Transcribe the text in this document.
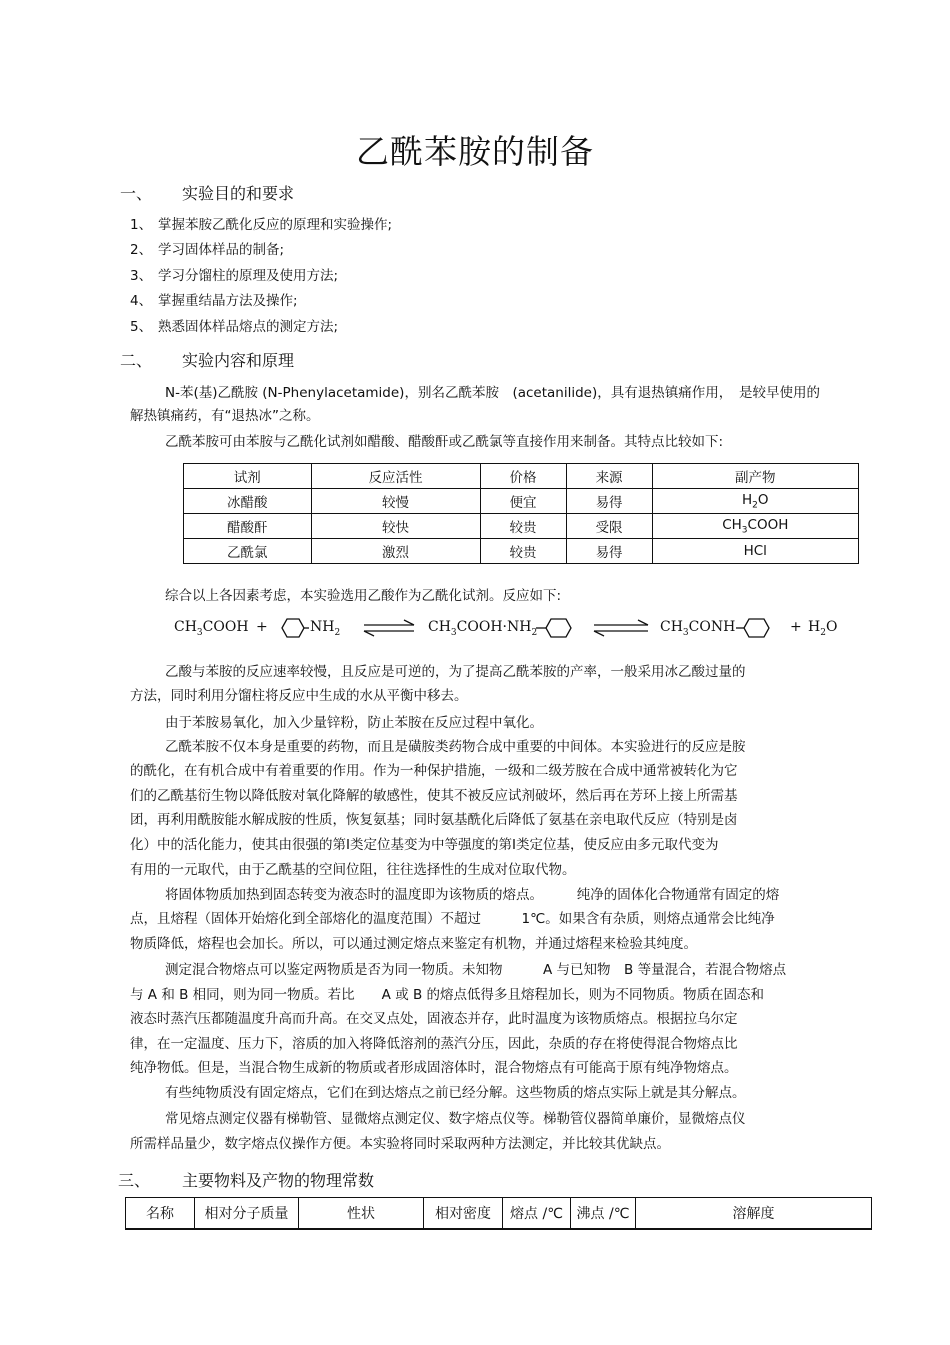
乙酰苯胺的制备
一、 实验目的和要求
1、 掌握苯胺乙酰化反应的原理和实验操作;
2、 学习固体样品的制备;
3、 学习分馏柱的原理及使用方法;
4、 掌握重结晶方法及操作;
5、 熟悉固体样品熔点的测定方法;
二、 实验内容和原理
N-苯(基)乙酰胺 (N-Phenylacetamide)，别名乙酰苯胺　(acetanilide)，具有退热镇痛作用，　是较早使用的
解热镇痛药，有“退热冰”之称。
乙酰苯胺可由苯胺与乙酰化试剂如醋酸、醋酸酐或乙酰氯等直接作用来制备。其特点比较如下:
试剂	反应活性	价格	来源	副产物
冰醋酸	较慢	便宜	易得	$H_2O$
醋酸酐	较快	较贵	受限	$CH_3COOH$
乙酰氯	激烈	较贵	易得	HCl
综合以上各因素考虑，本实验选用乙酸作为乙酰化试剂。反应如下:
$CH_3COOH$ +	$NH_2$ ⇌ $CH_3COOH\cdot NH_2$	⇌ $CH_3CONH$	+ $H_2O$
乙酸与苯胺的反应速率较慢，且反应是可逆的，为了提高乙酰苯胺的产率，一般采用冰乙酸过量的
方法，同时利用分馏柱将反应中生成的水从平衡中移去。
由于苯胺易氧化，加入少量锌粉，防止苯胺在反应过程中氧化。
乙酰苯胺不仅本身是重要的药物，而且是磺胺类药物合成中重要的中间体。本实验进行的反应是胺
的酰化，在有机合成中有着重要的作用。作为一种保护措施，一级和二级芳胺在合成中通常被转化为它
们的乙酰基衍生物以降低胺对氧化降解的敏感性，使其不被反应试剂破坏，然后再在芳环上接上所需基
团，再利用酰胺能水解成胺的性质，恢复氨基；同时氨基酰化后降低了氨基在亲电取代反应（特别是卤
化）中的活化能力，使其由很强的第Ⅰ类定位基变为中等强度的第Ⅰ类定位基，使反应由多元取代变为
有用的一元取代，由于乙酰基的空间位阻，往往选择性的生成对位取代物。
将固体物质加热到固态转变为液态时的温度即为该物质的熔点。　　　纯净的固体化合物通常有固定的熔
点，且熔程（固体开始熔化到全部熔化的温度范围）不超过　　　1℃。如果含有杂质，则熔点通常会比纯净
物质降低，熔程也会加长。所以，可以通过测定熔点来鉴定有机物，并通过熔程来检验其纯度。
测定混合物熔点可以鉴定两物质是否为同一物质。未知物　　　A 与已知物　B 等量混合，若混合物熔点
与 A 和 B 相同，则为同一物质。若比　　A 或 B 的熔点低得多且熔程加长，则为不同物质。物质在固态和
液态时蒸汽压都随温度升高而升高。在交叉点处，固液态并存，此时温度为该物质熔点。根据拉乌尔定
律，在一定温度、压力下，溶质的加入将降低溶剂的蒸汽分压，因此，杂质的存在将使得混合物熔点比
纯净物低。但是，当混合物生成新的物质或者形成固溶体时，混合物熔点有可能高于原有纯净物熔点。
有些纯物质没有固定熔点，它们在到达熔点之前已经分解。这些物质的熔点实际上就是其分解点。
常见熔点测定仪器有梯勒管、显微熔点测定仪、数字熔点仪等。梯勒管仪器简单廉价，显微熔点仪
所需样品量少，数字熔点仪操作方便。本实验将同时采取两种方法测定，并比较其优缺点。
三、 主要物料及产物的物理常数
名称	相对分子质量	性状	相对密度	熔点 /℃	沸点 /℃	溶解度
